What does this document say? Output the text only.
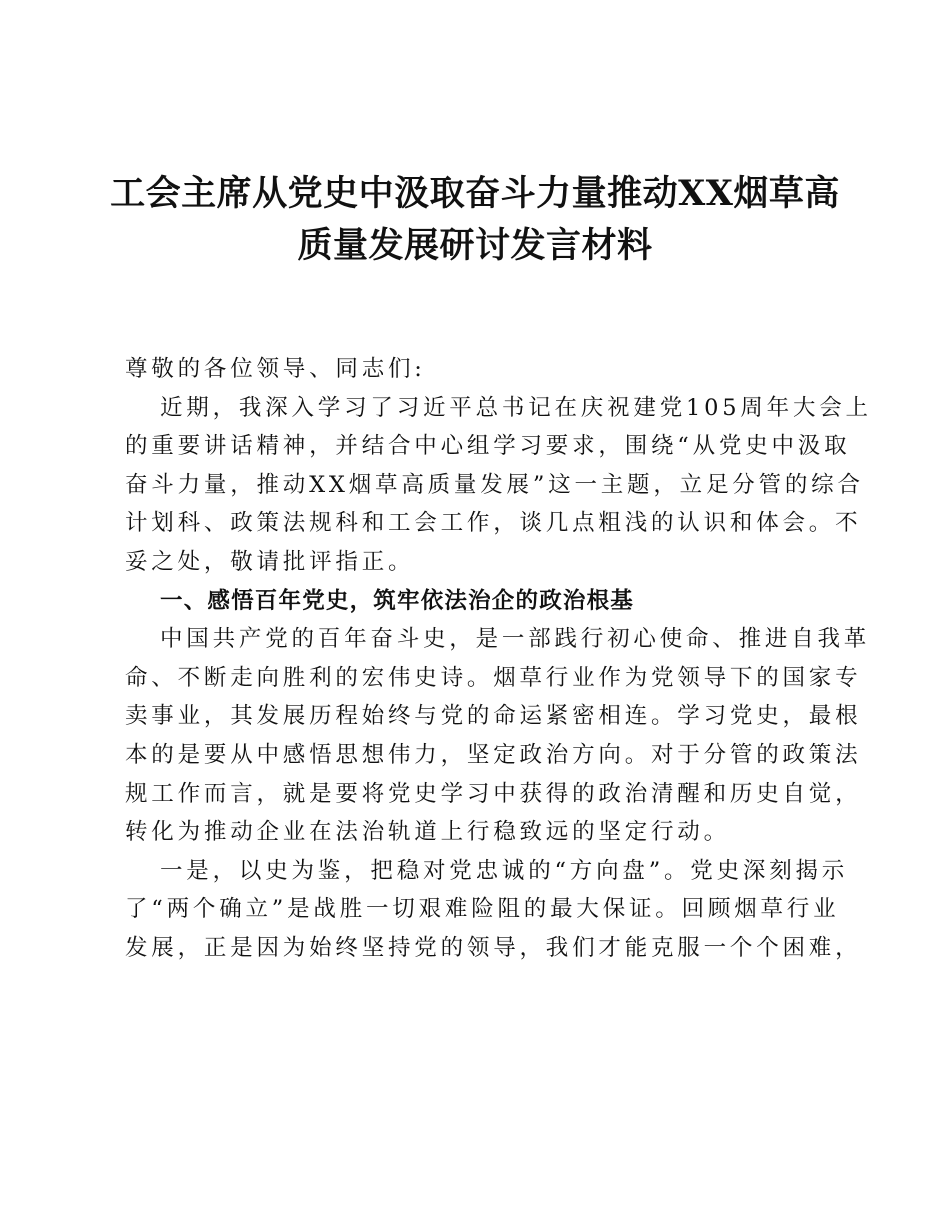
工会主席从党史中汲取奋斗力量推动XX烟草高
质量发展研讨发言材料
尊敬的各位领导、同志们:
近期，我深入学习了习近平总书记在庆祝建党105周年大会上
的重要讲话精神，并结合中心组学习要求，围绕“从党史中汲取
奋斗力量，推动XX烟草高质量发展”这一主题，立足分管的综合
计划科、政策法规科和工会工作，谈几点粗浅的认识和体会。不
妥之处，敬请批评指正。
一、感悟百年党史，筑牢依法治企的政治根基
中国共产党的百年奋斗史，是一部践行初心使命、推进自我革
命、不断走向胜利的宏伟史诗。烟草行业作为党领导下的国家专
卖事业，其发展历程始终与党的命运紧密相连。学习党史，最根
本的是要从中感悟思想伟力，坚定政治方向。对于分管的政策法
规工作而言，就是要将党史学习中获得的政治清醒和历史自觉，
转化为推动企业在法治轨道上行稳致远的坚定行动。
一是，以史为鉴，把稳对党忠诚的“方向盘”。党史深刻揭示
了“两个确立”是战胜一切艰难险阻的最大保证。回顾烟草行业
发展，正是因为始终坚持党的领导，我们才能克服一个个困难，
